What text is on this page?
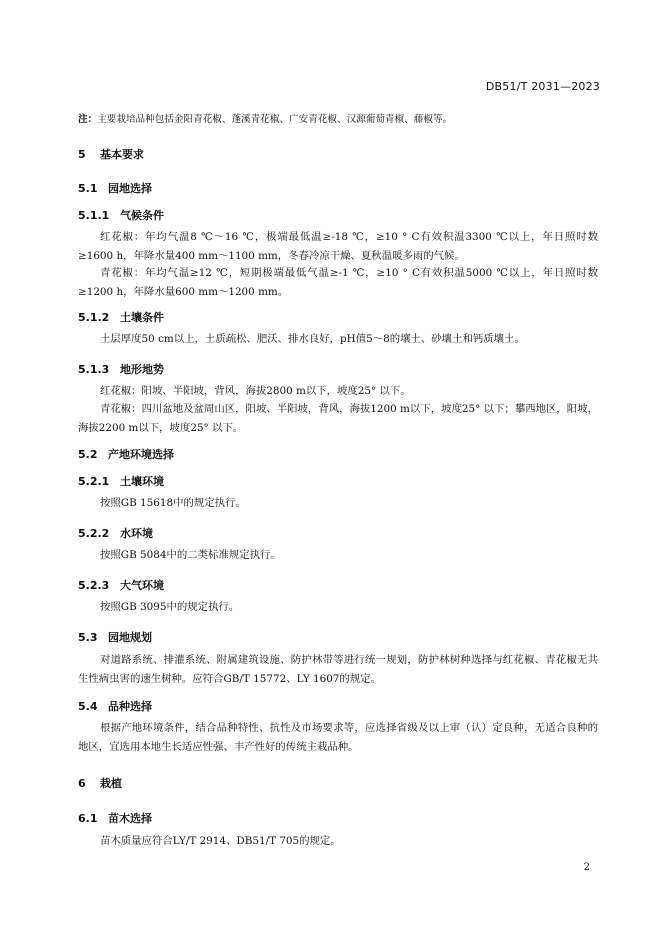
DB51/T 2031—2023
注：主要栽培品种包括金阳青花椒、蓬溪青花椒、广安青花椒、汉源葡萄青椒、藤椒等。
5 基本要求
5.1 园地选择
5.1.1 气候条件
红花椒：年均气温8 ℃～16 ℃，极端最低温≥-18 ℃，≥10 ° C有效积温3300 ℃以上，年日照时数≥1600 h，年降水量400 mm～1100 mm，冬春冷凉干燥、夏秋温暖多雨的气候。
青花椒：年均气温≥12 ℃，短期极端最低气温≥-1 ℃，≥10 ° C有效积温5000 ℃以上，年日照时数≥1200 h，年降水量600 mm～1200 mm。
5.1.2 土壤条件
土层厚度50 cm以上，土质疏松、肥沃、排水良好，pH值5～8的壤土、砂壤土和钙质壤土。
5.1.3 地形地势
红花椒：阳坡、半阳坡，背风，海拔2800 m以下，坡度25° 以下。
青花椒：四川盆地及盆周山区，阳坡、半阳坡，背风，海拔1200 m以下，坡度25° 以下；攀西地区，阳坡，海拔2200 m以下，坡度25° 以下。
5.2 产地环境选择
5.2.1 土壤环境
按照GB 15618中的规定执行。
5.2.2 水环境
按照GB 5084中的二类标准规定执行。
5.2.3 大气环境
按照GB 3095中的规定执行。
5.3 园地规划
对道路系统、排灌系统、附属建筑设施、防护林带等进行统一规划，防护林树种选择与红花椒、青花椒无共生性病虫害的速生树种。应符合GB/T 15772、LY 1607的规定。
5.4 品种选择
根据产地环境条件，结合品种特性、抗性及市场要求等，应选择省级及以上审（认）定良种，无适合良种的地区，宜选用本地生长适应性强、丰产性好的传统主栽品种。
6 栽植
6.1 苗木选择
苗木质量应符合LY/T 2914、DB51/T 705的规定。
2
